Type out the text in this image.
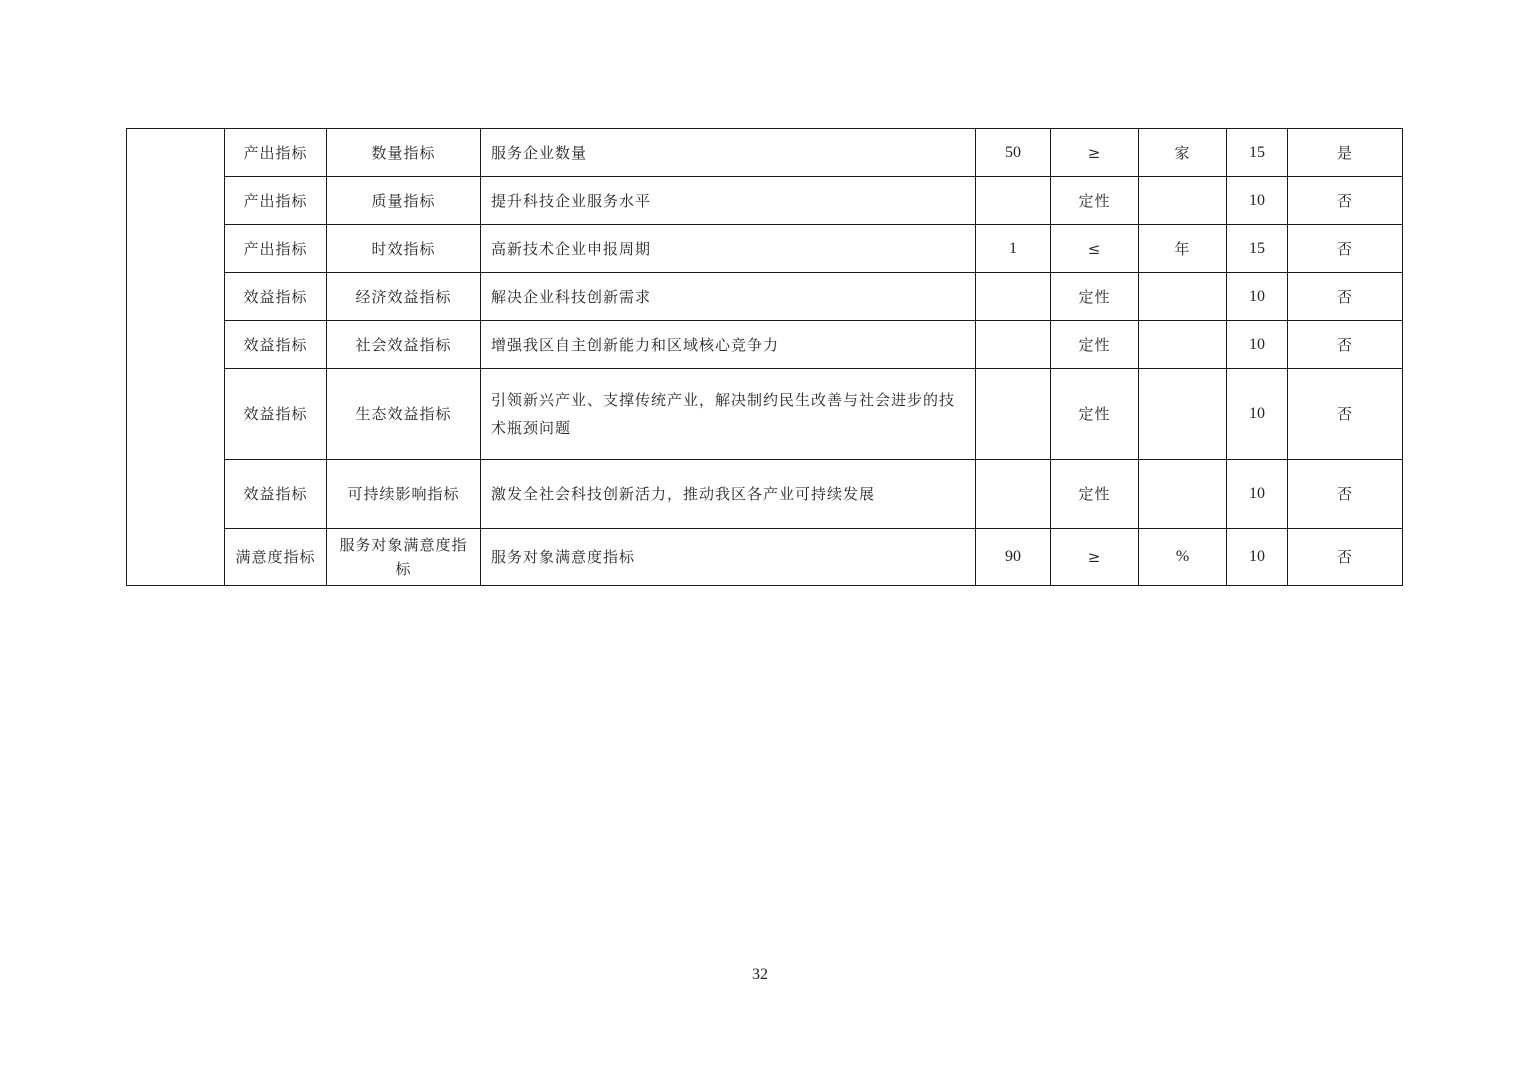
	产出指标	数量指标	服务企业数量	50	≥	家	15	是
	产出指标	质量指标	提升科技企业服务水平		定性		10	否
	产出指标	时效指标	高新技术企业申报周期	1	≤	年	15	否
	效益指标	经济效益指标	解决企业科技创新需求		定性		10	否
	效益指标	社会效益指标	增强我区自主创新能力和区域核心竞争力		定性		10	否
	效益指标	生态效益指标	引领新兴产业、支撑传统产业，解决制约民生改善与社会进步的技术瓶颈问题		定性		10	否
	效益指标	可持续影响指标	激发全社会科技创新活力，推动我区各产业可持续发展		定性		10	否
	满意度指标	服务对象满意度指标	服务对象满意度指标	90	≥	%	10	否
32
